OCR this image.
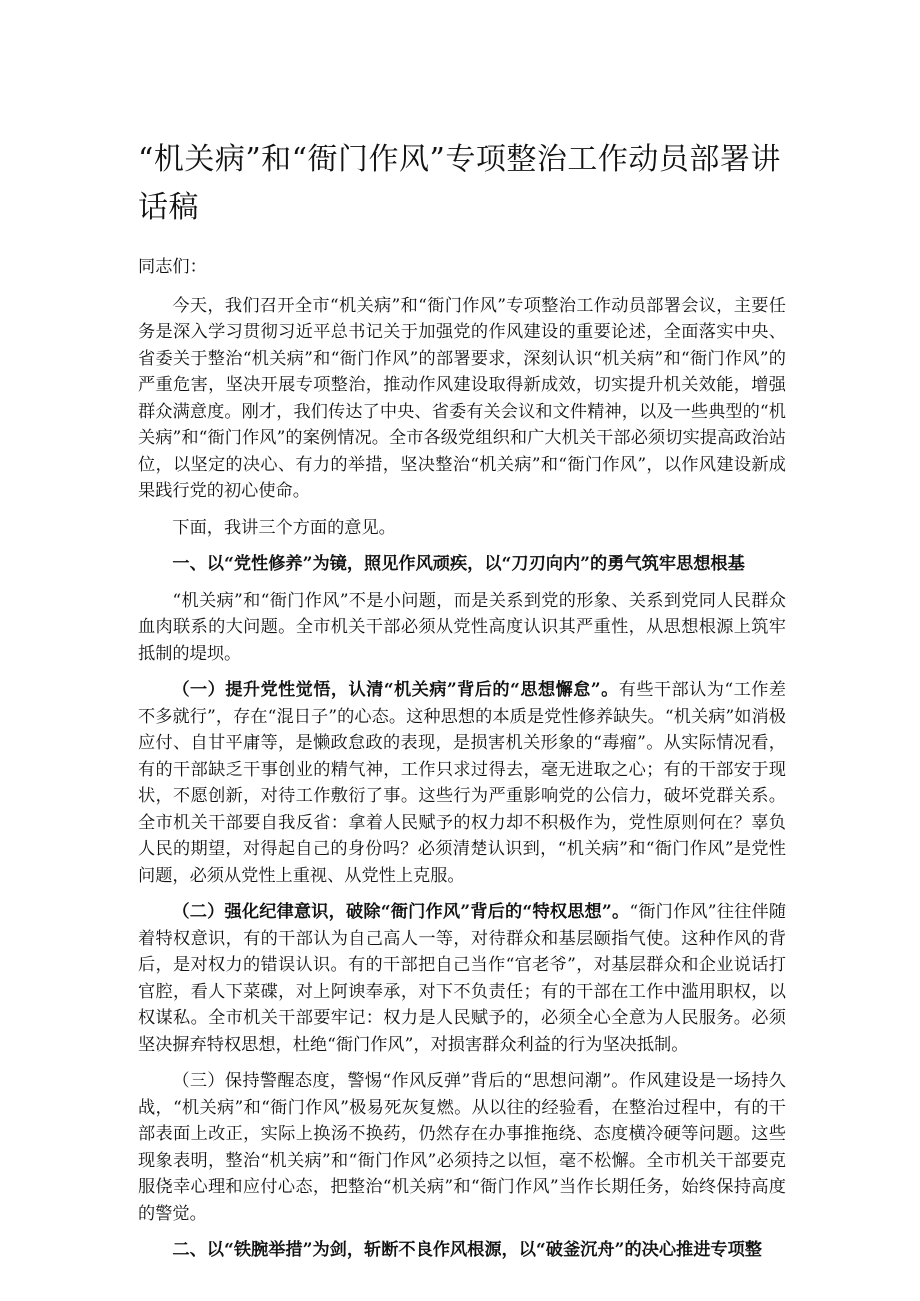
“机关病”和“衙门作风”专项整治工作动员部署讲话稿

同志们：

今天，我们召开全市“机关病”和“衙门作风”专项整治工作动员部署会议，主要任务是深入学习贯彻习近平总书记关于加强党的作风建设的重要论述，全面落实中央、省委关于整治“机关病”和“衙门作风”的部署要求，深刻认识“机关病”和“衙门作风”的严重危害，坚决开展专项整治，推动作风建设取得新成效，切实提升机关效能，增强群众满意度。刚才，我们传达了中央、省委有关会议和文件精神，以及一些典型的“机关病”和“衙门作风”的案例情况。全市各级党组织和广大机关干部必须切实提高政治站位，以坚定的决心、有力的举措，坚决整治“机关病”和“衙门作风”，以作风建设新成果践行党的初心使命。

下面，我讲三个方面的意见。

一、以“党性修养”为镜，照见作风顽疾，以“刀刃向内”的勇气筑牢思想根基

“机关病”和“衙门作风”不是小问题，而是关系到党的形象、关系到党同人民群众血肉联系的大问题。全市机关干部必须从党性高度认识其严重性，从思想根源上筑牢抵制的堤坝。

（一）提升党性觉悟，认清“机关病”背后的“思想懈怠”。有些干部认为“工作差不多就行”，存在“混日子”的心态。这种思想的本质是党性修养缺失。“机关病”如消极应付、自甘平庸等，是懒政怠政的表现，是损害机关形象的“毒瘤”。从实际情况看，有的干部缺乏干事创业的精气神，工作只求过得去，毫无进取之心；有的干部安于现状，不愿创新，对待工作敷衍了事。这些行为严重影响党的公信力，破坏党群关系。全市机关干部要自我反省：拿着人民赋予的权力却不积极作为，党性原则何在？辜负人民的期望，对得起自己的身份吗？必须清楚认识到，“机关病”和“衙门作风”是党性问题，必须从党性上重视、从党性上克服。

（二）强化纪律意识，破除“衙门作风”背后的“特权思想”。“衙门作风”往往伴随着特权意识，有的干部认为自己高人一等，对待群众和基层颐指气使。这种作风的背后，是对权力的错误认识。有的干部把自己当作“官老爷”，对基层群众和企业说话打官腔，看人下菜碟，对上阿谀奉承，对下不负责任；有的干部在工作中滥用职权，以权谋私。全市机关干部要牢记：权力是人民赋予的，必须全心全意为人民服务。必须坚决摒弃特权思想，杜绝“衙门作风”，对损害群众利益的行为坚决抵制。

（三）保持警醒态度，警惕“作风反弹”背后的“思想问潮”。作风建设是一场持久战，“机关病”和“衙门作风”极易死灰复燃。从以往的经验看，在整治过程中，有的干部表面上改正，实际上换汤不换药，仍然存在办事推拖绕、态度横冷硬等问题。这些现象表明，整治“机关病”和“衙门作风”必须持之以恒，毫不松懈。全市机关干部要克服侥幸心理和应付心态，把整治“机关病”和“衙门作风”当作长期任务，始终保持高度的警觉。

二、以“铁腕举措”为剑，斩断不良作风根源，以“破釜沉舟”的决心推进专项整
